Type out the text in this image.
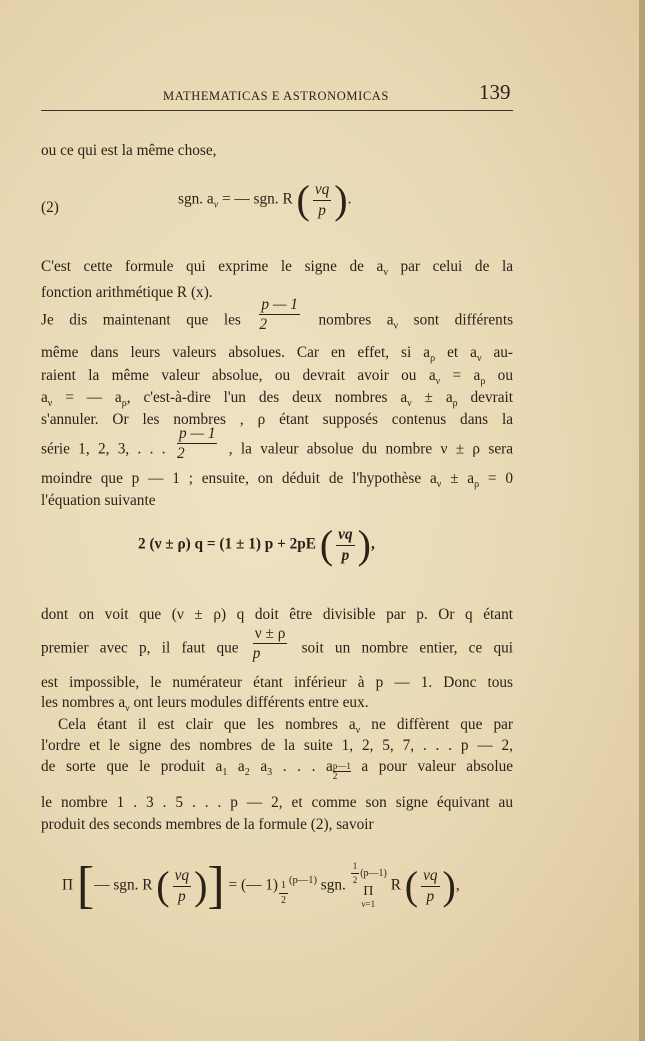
MATHEMATICAS E ASTRONOMICAS	139
ou ce qui est la même chose,
(2)	sgn. $a_\nu$ = — sgn. R ( $\frac{\nu q}{p}$ ).
C'est cette formule qui exprime le signe de $a_\nu$ par celui de la
fonction arithmétique R (x).
Je dis maintenant que les $\frac{p — 1}{2}$ nombres $a_\nu$ sont différents
même dans leurs valeurs absolues. Car en effet, si $a_\rho$ et $a_\nu$ au-
raient la même valeur absolue, ou devrait avoir ou $a_\nu = a_\rho$ ou
$a_\nu$ = — $a_\rho$, c'est-à-dire l'un des deux nombres $a_\nu \pm a_\rho$ devrait
s'annuler. Or les nombres , ρ étant supposés contenus dans la
série 1, 2, 3, . . . $\frac{p — 1}{2}$ , la valeur absolue du nombre ν ± ρ sera
moindre que p — 1 ; ensuite, on déduit de l'hypothèse $a_\nu \pm a_\rho = 0$
l'équation suivante
2 (ν ± ρ) q = (1 ± 1) p + 2pE ( $\frac{\nu q}{p}$ ),
dont on voit que (ν ± ρ) q doit être divisible par p. Or q étant
premier avec p, il faut que $\frac{\nu \pm \rho}{p}$ soit un nombre entier, ce qui
est impossible, le numérateur étant inférieur à p — 1. Donc tous
les nombres $a_\nu$ ont leurs modules différents entre eux.
Cela étant il est clair que les nombres $a_\nu$ ne diffèrent que par
l'ordre et le signe des nombres de la suite 1, 2, 5, 7, . . . p — 2,
de sorte que le produit $a_1$ $a_2$ $a_3$ . . . a $_{\frac{p—1}{2}}$ a pour valeur absolue
le nombre 1 . 3 . 5 . . . p — 2, et comme son signe équivant au
produit des seconds membres de la formule (2), savoir
Π [— sgn. R ( $\frac{\nu q}{p}$ )] = (— 1) $^{\frac{1}{2} (p—1)}$ sgn. $\frac{1}{2}$ (p—1)
Π
ν=1
R ( $\frac{\nu q}{p}$ ),
